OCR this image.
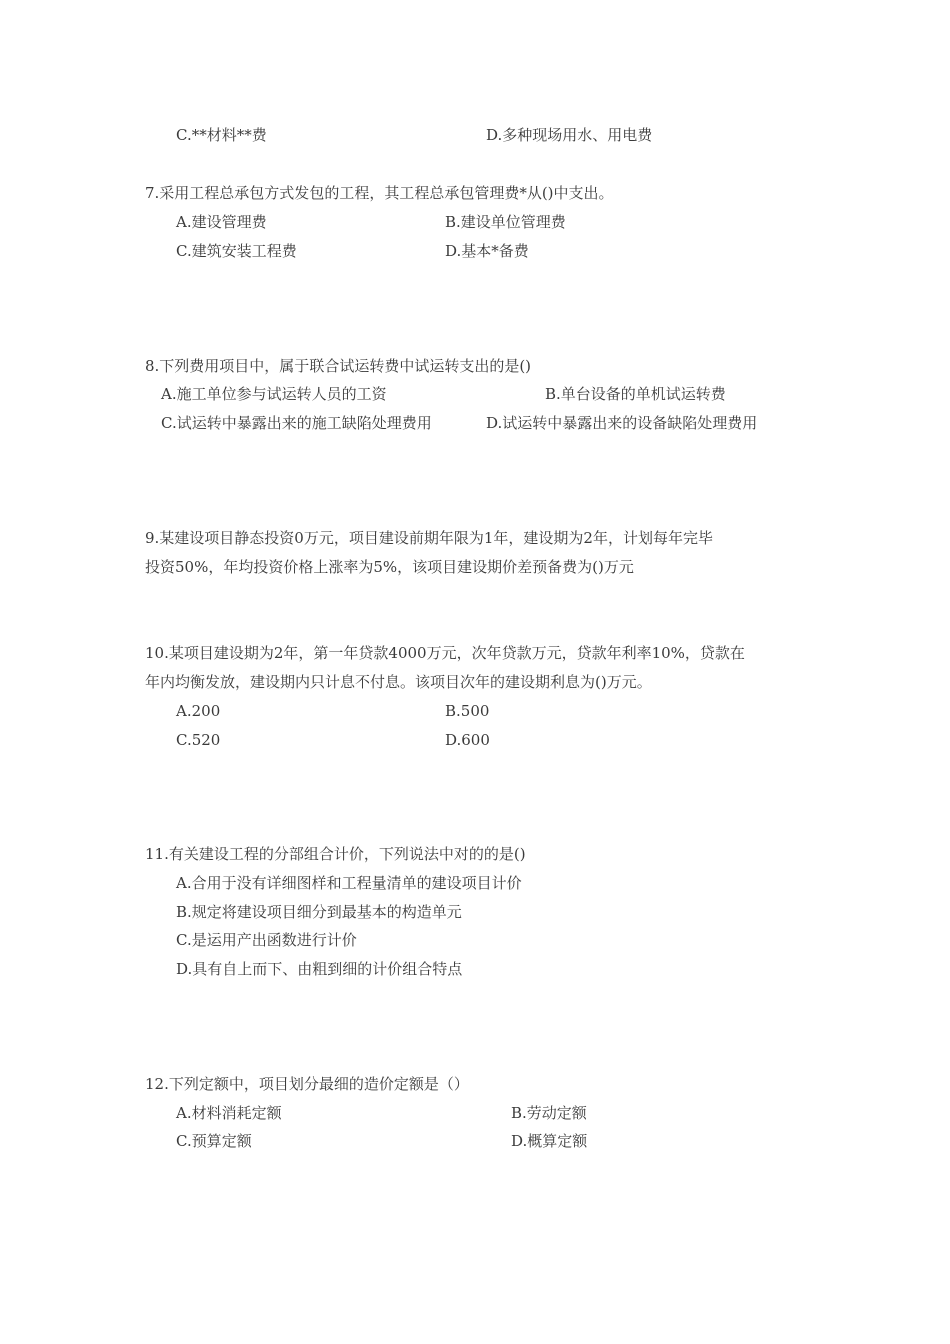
C.**材料**费	D.多种现场用水、用电费
7.采用工程总承包方式发包的工程，其工程总承包管理费*从()中支出。
A.建设管理费	B.建设单位管理费
C.建筑安装工程费	D.基本*备费
8.下列费用项目中，属于联合试运转费中试运转支出的是()
A.施工单位参与试运转人员的工资	B.单台设备的单机试运转费
C.试运转中暴露出来的施工缺陷处理费用	D.试运转中暴露出来的设备缺陷处理费用
9.某建设项目静态投资0万元，项目建设前期年限为1年，建设期为2年，计划每年完毕
投资50%，年均投资价格上涨率为5%，该项目建设期价差预备费为()万元
10.某项目建设期为2年，第一年贷款4000万元，次年贷款万元，贷款年利率10%，贷款在
年内均衡发放，建设期内只计息不付息。该项目次年的建设期利息为()万元。
A.200	B.500
C.520	D.600
11.有关建设工程的分部组合计价，下列说法中对的的是()
A.合用于没有详细图样和工程量清单的建设项目计价
B.规定将建设项目细分到最基本的构造单元
C.是运用产出函数进行计价
D.具有自上而下、由粗到细的计价组合特点
12.下列定额中，项目划分最细的造价定额是（）
A.材料消耗定额	B.劳动定额
C.预算定额	D.概算定额
